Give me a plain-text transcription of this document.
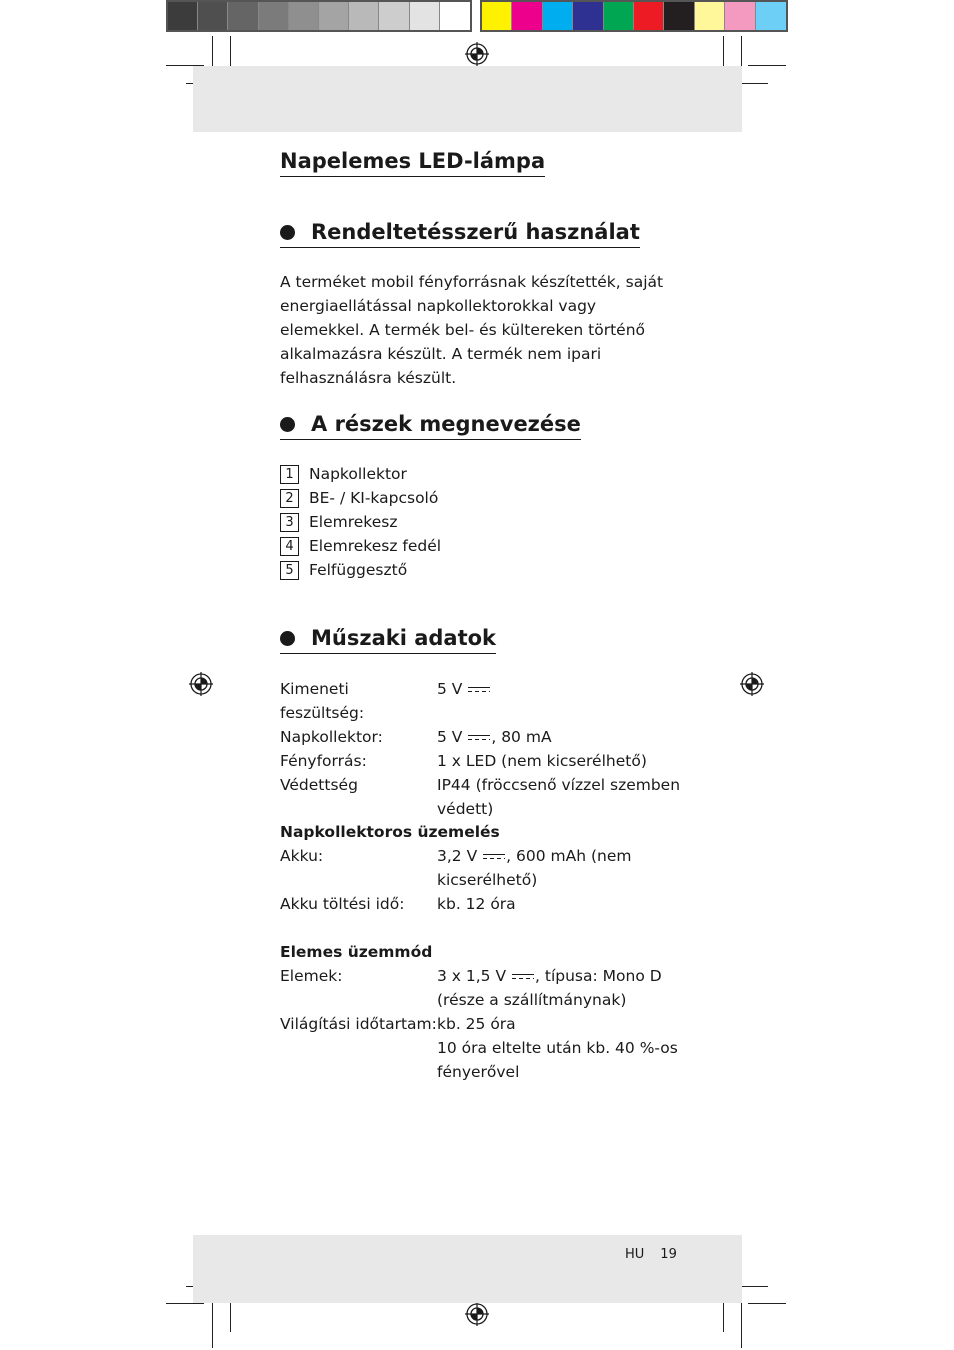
Napelemes LED-lámpa
Rendeltetésszerű használat

A terméket mobil fényforrásnak készítették, saját energiaellátással napkollektorokkal vagy elemekkel. A termék bel- és kültereken történő alkalmazásra készült. A termék nem ipari felhasználásra készült.

A részek megnevezése
1 Napkollektor
2 BE- / KI-kapcsoló
3 Elemrekesz
4 Elemrekesz fedél
5 Felfüggesztő
Műszaki adatok
Kimeneti feszültség:
5 V
Napkollektor:	5 V , 80 mA
Fényforrás:	1 x LED (nem kicserélhető)
Védettség	IP44 (fröccsenő vízzel szemben védett)
Napkollektoros üzemelés
Akku:	3,2 V , 600 mAh (nem kicserélhető)
Akku töltési idő:	kb. 12 óra
Elemes üzemmód
Elemek:	3 x 1,5 V , típusa: Mono D (része a szállítmánynak)
Világítási időtartam: kb. 25 óra
10 óra eltelte után kb. 40 %-os fényerővel
HU 19
